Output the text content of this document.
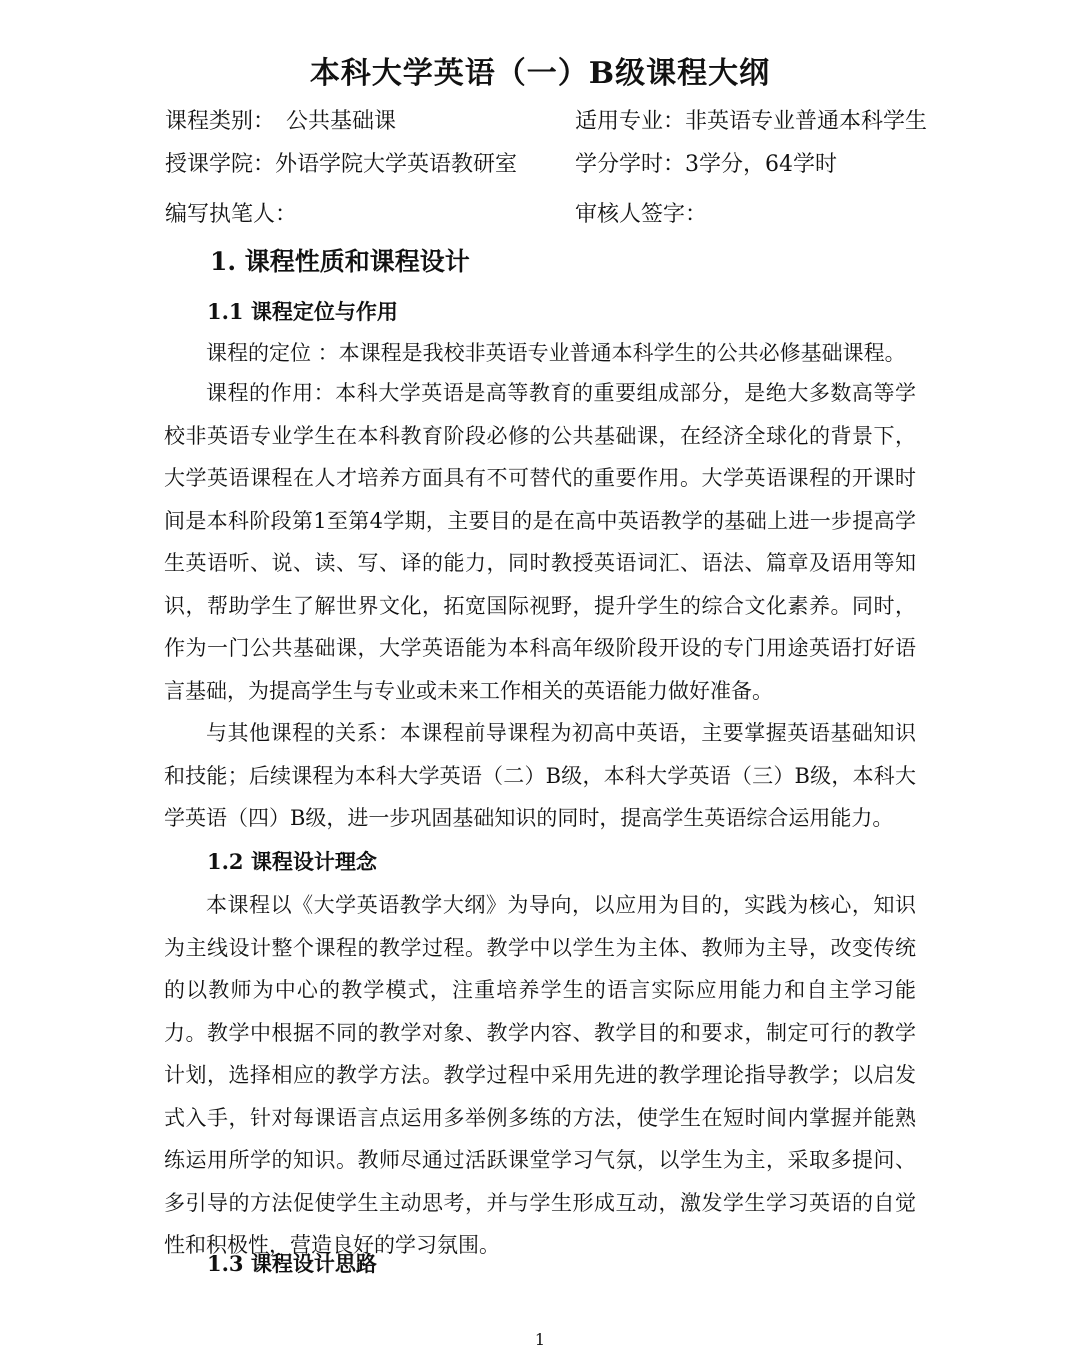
本科大学英语（一）B级课程大纲
课程类别：　公共基础课	适用专业：非英语专业普通本科学生
授课学院：外语学院大学英语教研室	学分学时：3学分，64学时
编写执笔人：	审核人签字：
1. 课程性质和课程设计
1.1 课程定位与作用

课程的定位 ：本课程是我校非英语专业普通本科学生的公共必修基础课程。

课程的作用：本科大学英语是高等教育的重要组成部分，是绝大多数高等学校非英语专业学生在本科教育阶段必修的公共基础课，在经济全球化的背景下，大学英语课程在人才培养方面具有不可替代的重要作用。大学英语课程的开课时间是本科阶段第1至第4学期，主要目的是在高中英语教学的基础上进一步提高学生英语听、说、读、写、译的能力，同时教授英语词汇、语法、篇章及语用等知识，帮助学生了解世界文化，拓宽国际视野，提升学生的综合文化素养。同时，作为一门公共基础课，大学英语能为本科高年级阶段开设的专门用途英语打好语言基础，为提高学生与专业或未来工作相关的英语能力做好准备。

与其他课程的关系：本课程前导课程为初高中英语，主要掌握英语基础知识和技能；后续课程为本科大学英语（二）B级，本科大学英语（三）B级，本科大学英语（四）B级，进一步巩固基础知识的同时，提高学生英语综合运用能力。

1.2 课程设计理念

本课程以《大学英语教学大纲》为导向，以应用为目的，实践为核心，知识为主线设计整个课程的教学过程。教学中以学生为主体、教师为主导，改变传统的以教师为中心的教学模式，注重培养学生的语言实际应用能力和自主学习能力。教学中根据不同的教学对象、教学内容、教学目的和要求，制定可行的教学计划，选择相应的教学方法。教学过程中采用先进的教学理论指导教学；以启发式入手，针对每课语言点运用多举例多练的方法，使学生在短时间内掌握并能熟练运用所学的知识。教师尽通过活跃课堂学习气氛，以学生为主，采取多提问、多引导的方法促使学生主动思考，并与学生形成互动，激发学生学习英语的自觉性和积极性，营造良好的学习氛围。

1.3 课程设计思路
1
